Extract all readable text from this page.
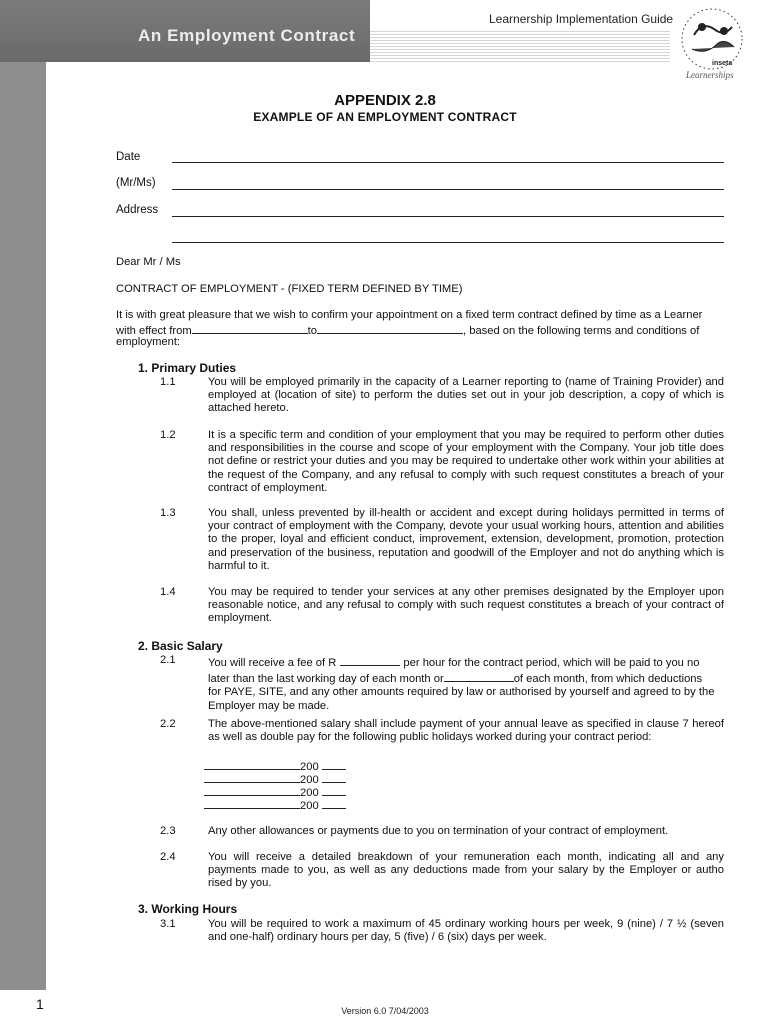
An Employment Contract
Learnership Implementation Guide
inseta
Learnerships
APPENDIX 2.8
EXAMPLE OF AN EMPLOYMENT CONTRACT
Date
(Mr/Ms)
Address
Dear Mr / Ms
CONTRACT OF EMPLOYMENT - (FIXED TERM DEFINED BY TIME)
It is with great pleasure that we wish to confirm your appointment on a fixed term contract defined by time as a Learner
with effect from	to	, based on the following terms and conditions of
employment:
1. Primary Duties
1.1	You will be employed primarily in the capacity of a Learner reporting to (name of Training Provider) and employed at (location of site) to perform the duties set out in your job description, a copy of which is attached hereto.
1.2	It is a specific term and condition of your employment that you may be required to perform other duties and responsibilities in the course and scope of your employment with the Company. Your job title does not define or restrict your duties and you may be required to undertake other work within your abilities at the request of the Company, and any refusal to comply with such request constitutes a breach of your contract of employment.
1.3	You shall, unless prevented by ill-health or accident and except during holidays permitted in terms of your contract of employment with the Company, devote your usual working hours, attention and abilities to the proper, loyal and efficient conduct, improvement, extension, development, promotion, protection and preservation of the business, reputation and goodwill of the Employer and not do anything which is harmful to it.
1.4	You may be required to tender your services at any other premises designated by the Employer upon reasonable notice, and any refusal to comply with such request constitutes a breach of your contract of employment.
2. Basic Salary
2.1	You will receive a fee of R	per hour for the contract period, which will be paid to you no
later than the last working day of each month or	of each month, from which deductions
for PAYE, SITE, and any other amounts required by law or authorised by yourself and agreed to by the Employer may be made.
2.2	The above-mentioned salary shall include payment of your annual leave as specified in clause 7 hereof as well as double pay for the following public holidays worked during your contract period:
200
200
200
200
2.3	Any other allowances or payments due to you on termination of your contract of employment.
2.4	You will receive a detailed breakdown of your remuneration each month, indicating all and any payments made to you, as well as any deductions made from your salary by the Employer or autho rised by you.
3. Working Hours
3.1	You will be required to work a maximum of 45 ordinary working hours per week, 9 (nine) / 7 ½ (seven and one-half) ordinary hours per day, 5 (five) / 6 (six) days per week.
1	Version 6.0 7/04/2003
